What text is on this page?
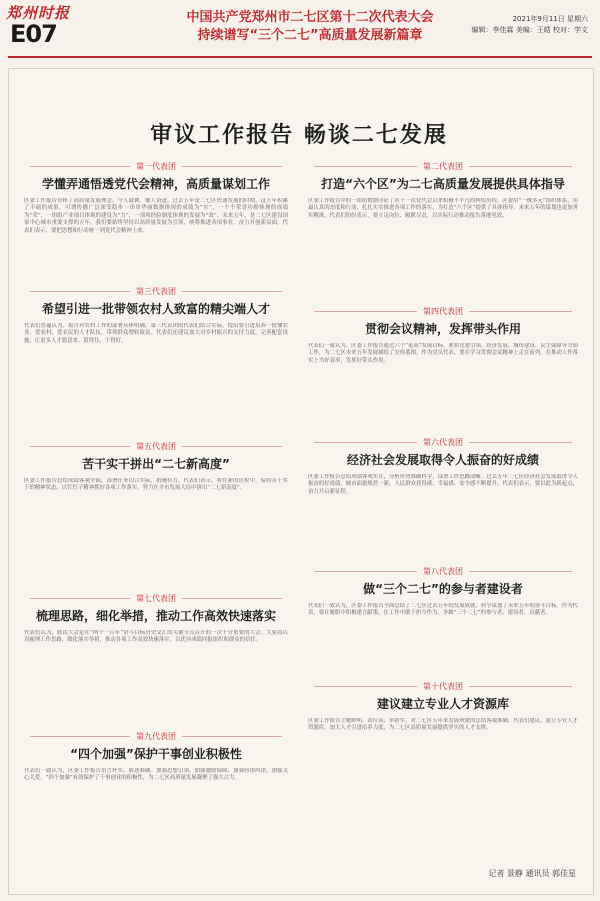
郑州时报
E07
中国共产党郑州市二七区第十二次代表大会
持续谱写“三个二七”高质量发展新篇章
2021年9月11日 星期六
编辑：李佳霖 美编：王皓 校对：学文
审议工作报告 畅谈二七发展
第一代表团
学懂弄通悟透党代会精神，高质量谋划工作
区委工作报告诠释了高质量发展理念，今人鼓舞、催人奋进。过去五年是二七区快速发展的时期，这五年积累了丰硕的成果，可谓传播广泛深受稳步一串串华丽数据体现的成绩为“实”，一个个荣誉功勋体现的成绩为“荣”，一组组产业项目体现的建设为“力”，一项项经验制度体现的发展为“效”。未来五年，是二七区建设国家中心城市重要支撑的五年。我们要始终坚持以高质量发展为引领，统筹推进各项事业，奋力开创新局面。代表们表示，要把思想和行动统一到党代会精神上来。
第三代表团
希望引进一批带领农村人致富的精尖端人才
代表们普遍认为，报告对农村工作的部署具体明确。第三代表团的代表们结合实际，提出要引进培养一批懂农业、爱农村、爱农民的人才队伍，带领群众增收致富。代表们还建议加大对乡村振兴的支持力度，完善配套设施，让更多人才愿意来、留得住、干得好。
第五代表团
苦干实干拼出“二七新高度”
区委工作报告总结成绩客观全面，部署任务切合实际，措施有力。代表们表示，将在新的征程中，保持苦干实干的精神状态，以钉钉子精神抓好各项工作落实，努力在全市发展大局中拼出“二七新高度”。
第七代表团
梳理思路，细化举措，推动工作高效快速落实
代表们认为，此次大会是在“两个一百年”奋斗目标历史交汇的关键节点召开的一次十分重要的大会。大家将认真梳理工作思路，细化落实举措，推动各项工作高效快速落实，以优异成绩回报组织和群众的信任。
第九代表团
“四个加强”保护干事创业积极性
代表们一致认为，区委工作报告语言朴实、陈述准确。加强思想引领、加强激励保障、加强容错纠错、加强关心关爱，“四个加强”有效保护了干事创业的积极性，为二七区高质量发展凝聚了强大合力。
第二代表团
打造“六个区”为二七高质量发展提供具体指导
区委工作报告中的一组组数据印证了区十一次党代会以来积极不平凡的辉煌历程。区委用“一极多元”组织体系，用最认真的态度和行动，扎扎实实推进各项工作的落实，为打造“六个区”提供了具体指导。未来五年的谋划也更加务实精准，代表们纷纷表示，要立足岗位、履职尽责，以实际行动推动报告落地见效。
第四代表团
贯彻会议精神，发挥带头作用
代表们一致认为，区委工作报告通过六个“更高”发展目标，紧扣党建引领、经济发展、城市建设、民生保障等方面工作，为二七区未来五年发展描绘了宏伟蓝图。作为党员代表，要在学习贯彻会议精神上走在前列，在推动工作落实上当好表率，发挥好带头作用。
第六代表团
经济社会发展取得令人振奋的好成绩
区委工作报告总结成绩客观实在，分析形势准确科学，部署工作思路清晰。过去五年二七区经济社会发展取得令人振奋的好成绩，城市面貌焕然一新，人民群众获得感、幸福感、安全感不断提升。代表们表示，要以此为新起点，奋力开启新征程。
第八代表团
做“三个二七”的参与者建设者
代表们一致认为，区委工作报告全面总结了二七区过去五年的发展成就，科学谋划了未来五年的奋斗目标。作为代表，要在履职中积极建言献策，在工作中敢于担当作为，争做“三个二七”的参与者、建设者、贡献者。
第十代表团
建议建立专业人才资源库
区委工作报告主题鲜明、站位高、举措实，对二七区五年来发展成就的总结客观准确。代表们建议，建立专业人才资源库，加大人才引进培养力度，为二七区高质量发展提供坚实的人才支撑。
记者 景静 通讯员 郭佳星
